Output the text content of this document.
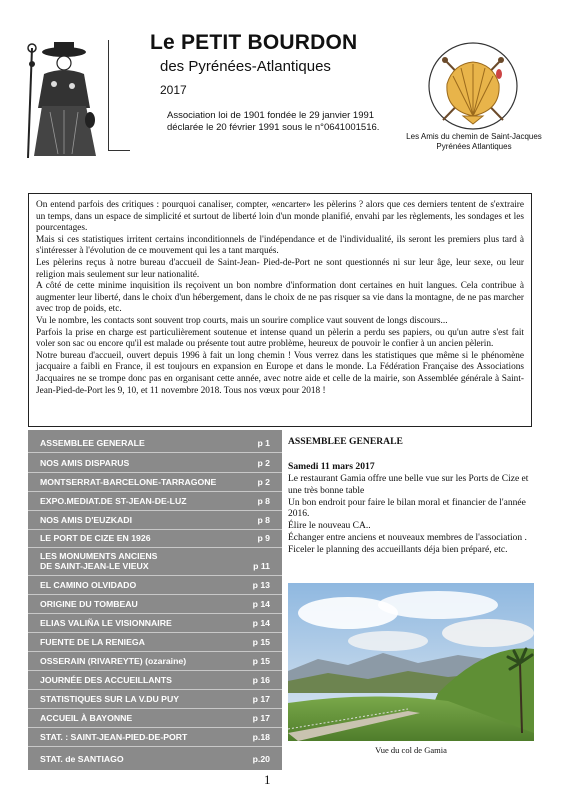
Le PETIT BOURDON
des Pyrénées-Atlantiques
2017
Association loi de 1901 fondée le 29 janvier 1991
déclarée le 20 février 1991 sous le n°0641001516.
Les Amis du chemin de Saint-Jacques
Pyrénées Atlantiques

On entend parfois des critiques : pourquoi canaliser, compter, «encarter» les pèlerins ? alors que ces derniers tentent de s'extraire un temps, dans un espace de simplicité et surtout de liberté loin d'un monde planifié, envahi par les règlements, les sondages et les pourcentages.

Mais si ces statistiques irritent certains inconditionnels de l'indépendance et de l'individualité, ils seront les premiers plus tard à s'intéresser à l'évolution de ce mouvement qui les a tant marqués.

Les pèlerins reçus à notre bureau d'accueil de Saint-Jean- Pied-de-Port ne sont questionnés ni sur leur âge, leur sexe, ou leur religion mais seulement sur leur nationalité.

A côté de cette minime inquisition ils reçoivent un bon nombre d'information dont certaines en huit langues. Cela contribue à augmenter leur liberté, dans le choix d'un hébergement, dans le choix de ne pas risquer sa vie dans la montagne, de ne pas marcher avec trop de poids, etc.

Vu le nombre, les contacts sont souvent trop courts, mais un sourire complice vaut souvent de longs discours...

Parfois la prise en charge est particulièrement soutenue et intense quand un pèlerin a perdu ses papiers, ou qu'un autre s'est fait voler son sac ou encore qu'il est malade ou présente tout autre problème, heureux de pouvoir le confier à un ancien pèlerin.

Notre bureau d'accueil, ouvert depuis 1996 à fait un long chemin ! Vous verrez dans les statistiques que même si le phénomène jacquaire a faibli en France, il est toujours en expansion en Europe et dans le monde. La Fédération Française des Associations Jacquaires ne se trompe donc pas en organisant cette année, avec notre aide et celle de la mairie, son Assemblée générale à Saint-Jean-Pied-de-Port les 9, 10, et 11 novembre 2018. Tous nos vœux pour 2018 !

ASSEMBLEE GENERALE	p 1
NOS AMIS DISPARUS	p 2
MONTSERRAT-BARCELONE-TARRAGONE	p 2
EXPO.MEDIAT.DE ST-JEAN-DE-LUZ	p 8
NOS AMIS D'EUZKADI	p 8
LE PORT DE CIZE EN 1926	p 9
LES MONUMENTS ANCIENS
DE SAINT-JEAN-LE VIEUX	p 11
EL CAMINO OLVIDADO	p 13
ORIGINE DU TOMBEAU	p 14
ELIAS VALIÑA LE VISIONNAIRE	p 14
FUENTE DE LA RENIEGA	p 15
OSSERAIN (RIVAREYTE) (ozaraine)	p 15
JOURNÉE DES ACCUEILLANTS	p 16
STATISTIQUES SUR LA V.DU PUY	p 17
ACCUEIL À BAYONNE	p 17
STAT. : SAINT-JEAN-PIED-DE-PORT	p.18
STAT. de SANTIAGO	p.20
ASSEMBLEE GENERALE
Samedi 11 mars 2017
Le restaurant Gamia offre une belle vue sur les Ports de Cize et une très bonne table
Un bon endroit pour faire le bilan moral et financier de l'année 2016.
Élire le nouveau CA..
Échanger entre anciens et nouveaux membres de l'association .
Ficeler le planning des accueillants déja bien préparé, etc.
Vue du col de Gamia
1
